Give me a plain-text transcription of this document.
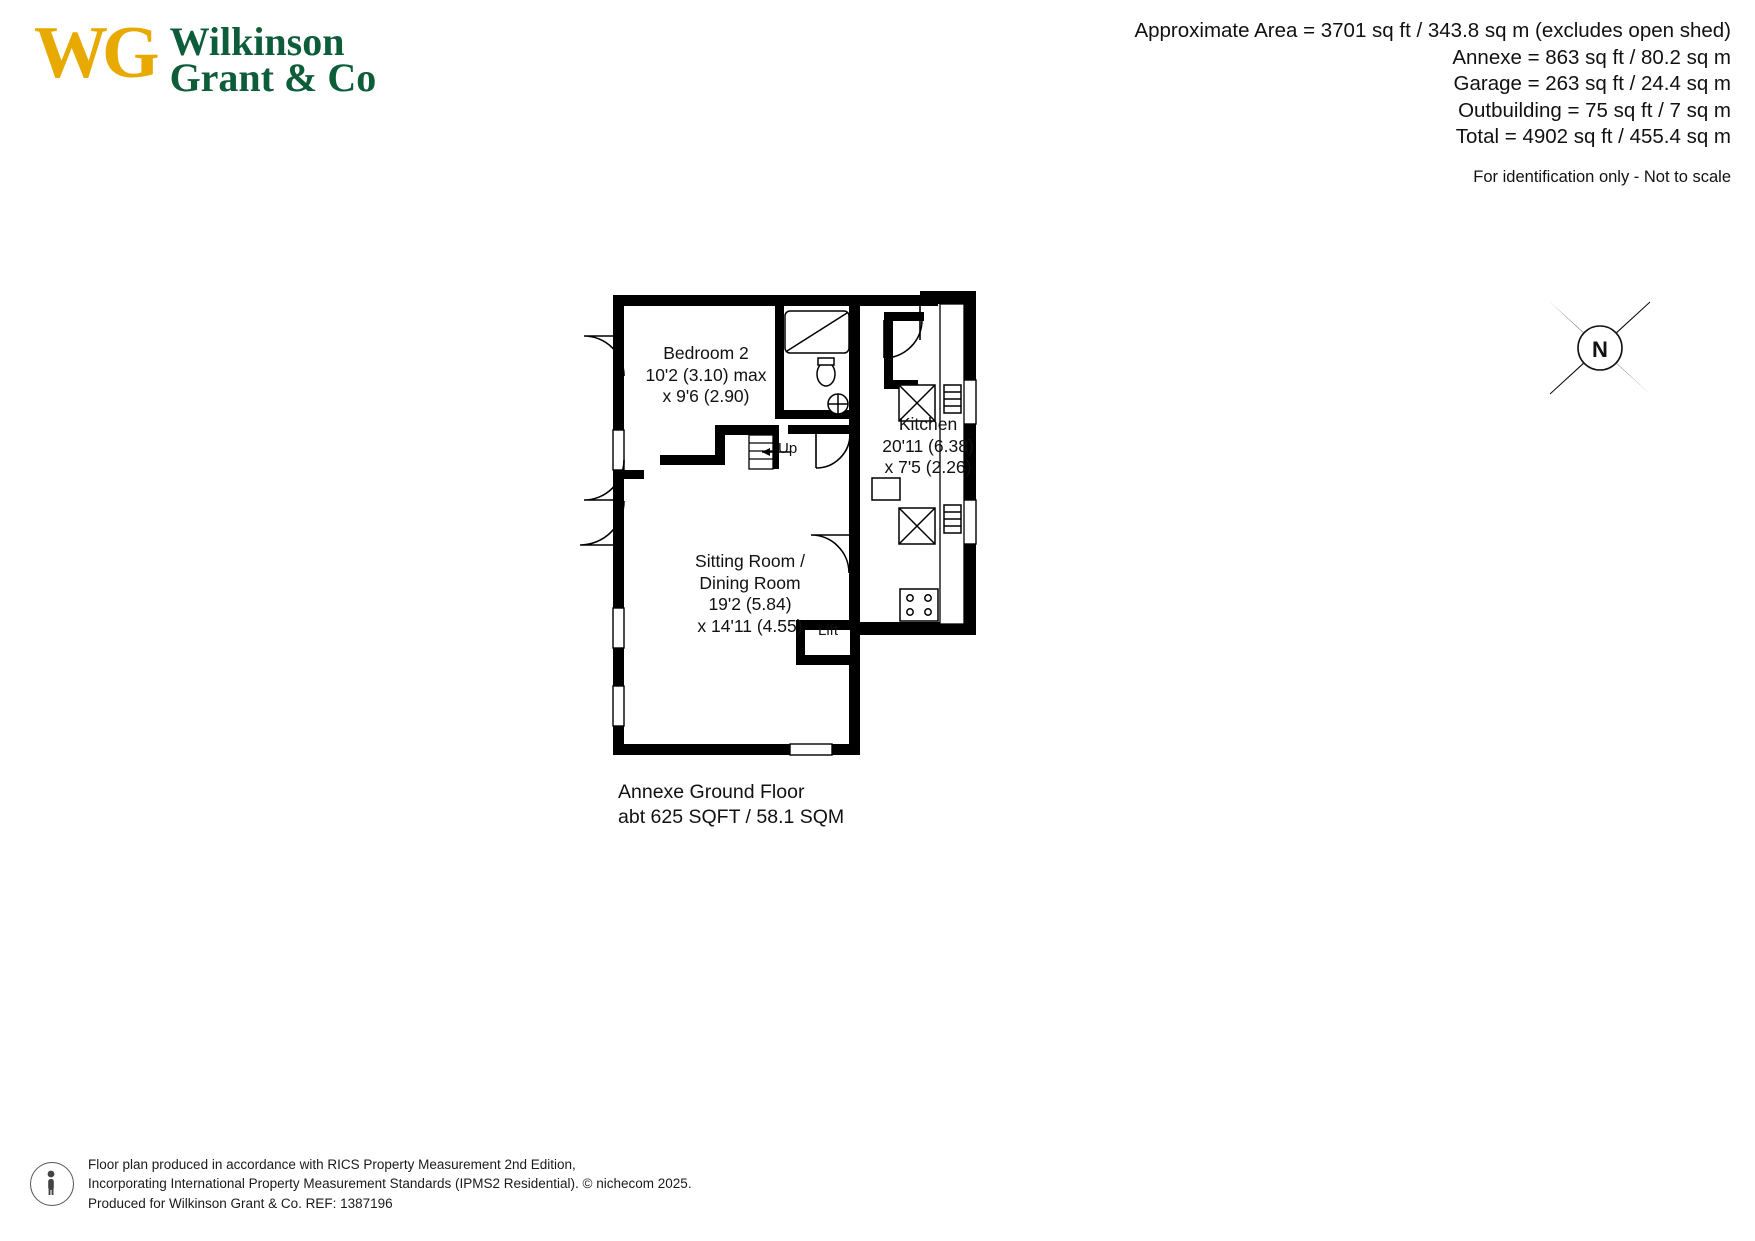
WG Wilkinson
Grant & Co
Approximate Area = 3701 sq ft / 343.8 sq m (excludes open shed)
Annexe = 863 sq ft / 80.2 sq m
Garage = 263 sq ft / 24.4 sq m
Outbuilding = 75 sq ft / 7 sq m
Total = 4902 sq ft / 455.4 sq m
For identification only - Not to scale
N
Bedroom 2
10'2 (3.10) max
x 9'6 (2.90)
Kitchen
20'11 (6.38)
x 7'5 (2.26)
Sitting Room /
Dining Room
19'2 (5.84)
x 14'11 (4.55)	Lift
Up
Annexe Ground Floor
abt 625 SQFT / 58.1 SQM
Floor plan produced in accordance with RICS Property Measurement 2nd Edition,
Incorporating International Property Measurement Standards (IPMS2 Residential). © nichecom 2025.
Produced for Wilkinson Grant & Co. REF: 1387196
